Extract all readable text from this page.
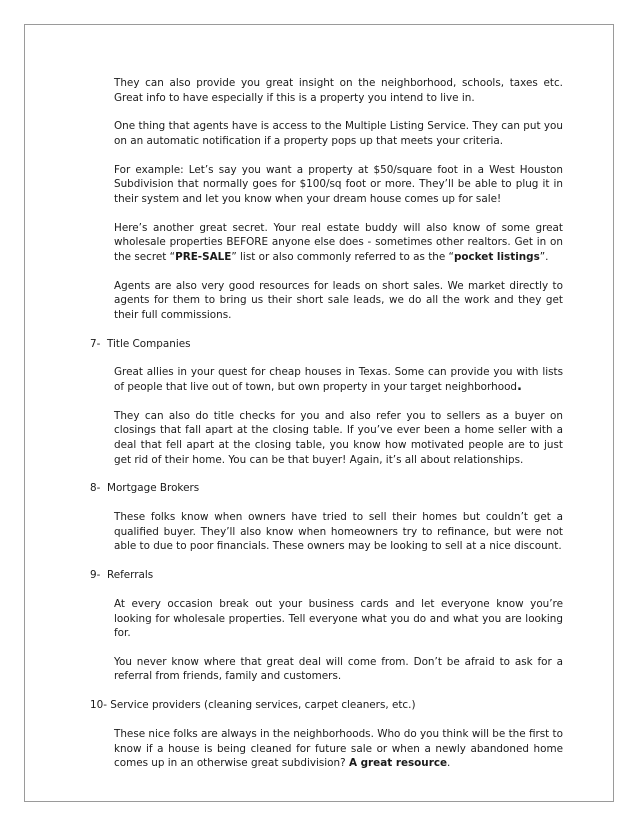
They can also provide you great insight on the neighborhood, schools, taxes etc. Great info to have especially if this is a property you intend to live in.

One thing that agents have is access to the Multiple Listing Service. They can put you on an automatic notification if a property pops up that meets your criteria.

For example: Let’s say you want a property at $50/square foot in a West Houston Subdivision that normally goes for $100/sq foot or more. They’ll be able to plug it in their system and let you know when your dream house comes up for sale!

Here’s another great secret. Your real estate buddy will also know of some great wholesale properties BEFORE anyone else does - sometimes other realtors. Get in on the secret “PRE-SALE” list or also commonly referred to as the “pocket listings”.

Agents are also very good resources for leads on short sales. We market directly to agents for them to bring us their short sale leads, we do all the work and they get their full commissions.

7- Title Companies

Great allies in your quest for cheap houses in Texas. Some can provide you with lists of people that live out of town, but own property in your target neighborhood.

They can also do title checks for you and also refer you to sellers as a buyer on closings that fall apart at the closing table. If you’ve ever been a home seller with a deal that fell apart at the closing table, you know how motivated people are to just get rid of their home. You can be that buyer! Again, it’s all about relationships.

8- Mortgage Brokers

These folks know when owners have tried to sell their homes but couldn’t get a qualified buyer. They’ll also know when homeowners try to refinance, but were not able to due to poor financials. These owners may be looking to sell at a nice discount.

9- Referrals

At every occasion break out your business cards and let everyone know you’re looking for wholesale properties. Tell everyone what you do and what you are looking for.

You never know where that great deal will come from. Don’t be afraid to ask for a referral from friends, family and customers.

10- Service providers (cleaning services, carpet cleaners, etc.)

These nice folks are always in the neighborhoods. Who do you think will be the first to know if a house is being cleaned for future sale or when a newly abandoned home comes up in an otherwise great subdivision? A great resource.
